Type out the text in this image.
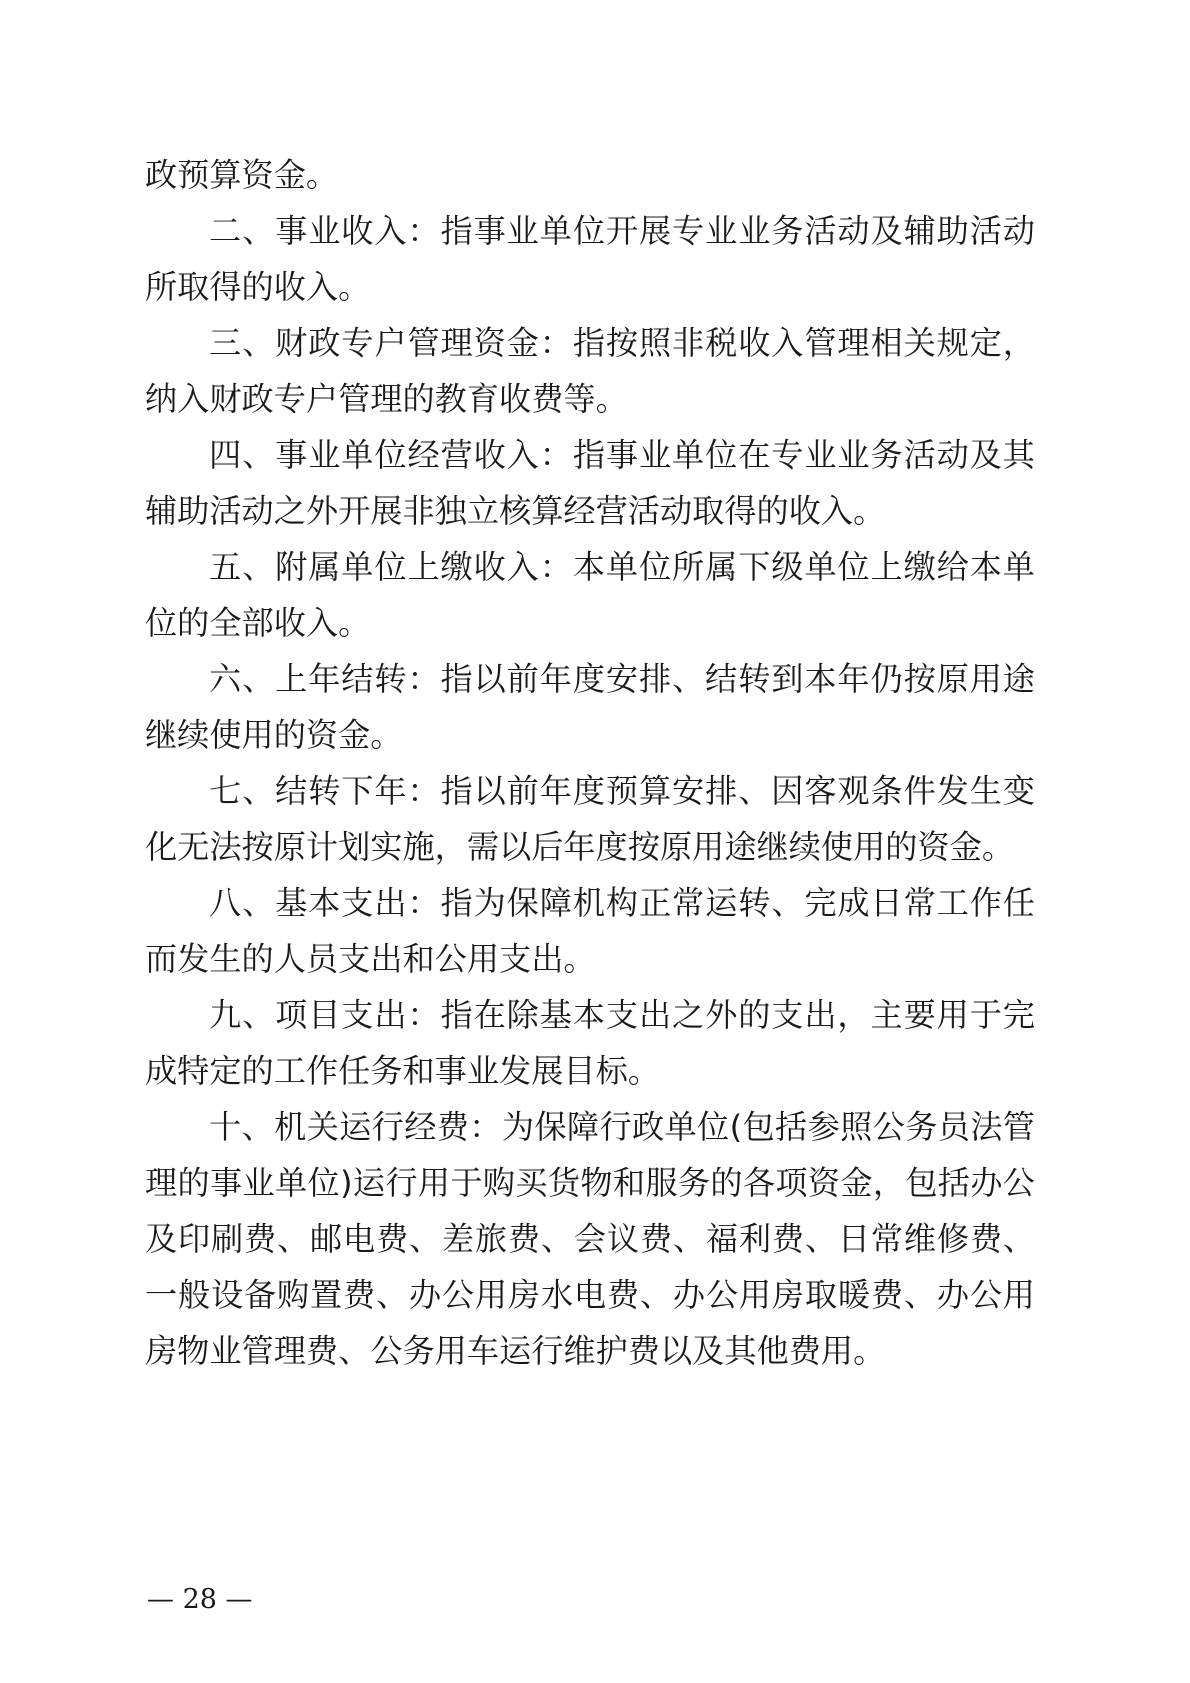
政预算资金。

二、事业收入：指事业单位开展专业业务活动及辅助活动所取得的收入。

三、财政专户管理资金：指按照非税收入管理相关规定，纳入财政专户管理的教育收费等。

四、事业单位经营收入：指事业单位在专业业务活动及其辅助活动之外开展非独立核算经营活动取得的收入。

五、附属单位上缴收入：本单位所属下级单位上缴给本单位的全部收入。

六、上年结转：指以前年度安排、结转到本年仍按原用途继续使用的资金。

七、结转下年：指以前年度预算安排、因客观条件发生变化无法按原计划实施，需以后年度按原用途继续使用的资金。

八、基本支出：指为保障机构正常运转、完成日常工作任而发生的人员支出和公用支出。

九、项目支出：指在除基本支出之外的支出，主要用于完成特定的工作任务和事业发展目标。

十、机关运行经费：为保障行政单位(包括参照公务员法管理的事业单位)运行用于购买货物和服务的各项资金，包括办公及印刷费、邮电费、差旅费、会议费、福利费、日常维修费、一般设备购置费、办公用房水电费、办公用房取暖费、办公用房物业管理费、公务用车运行维护费以及其他费用。

— 28 —
